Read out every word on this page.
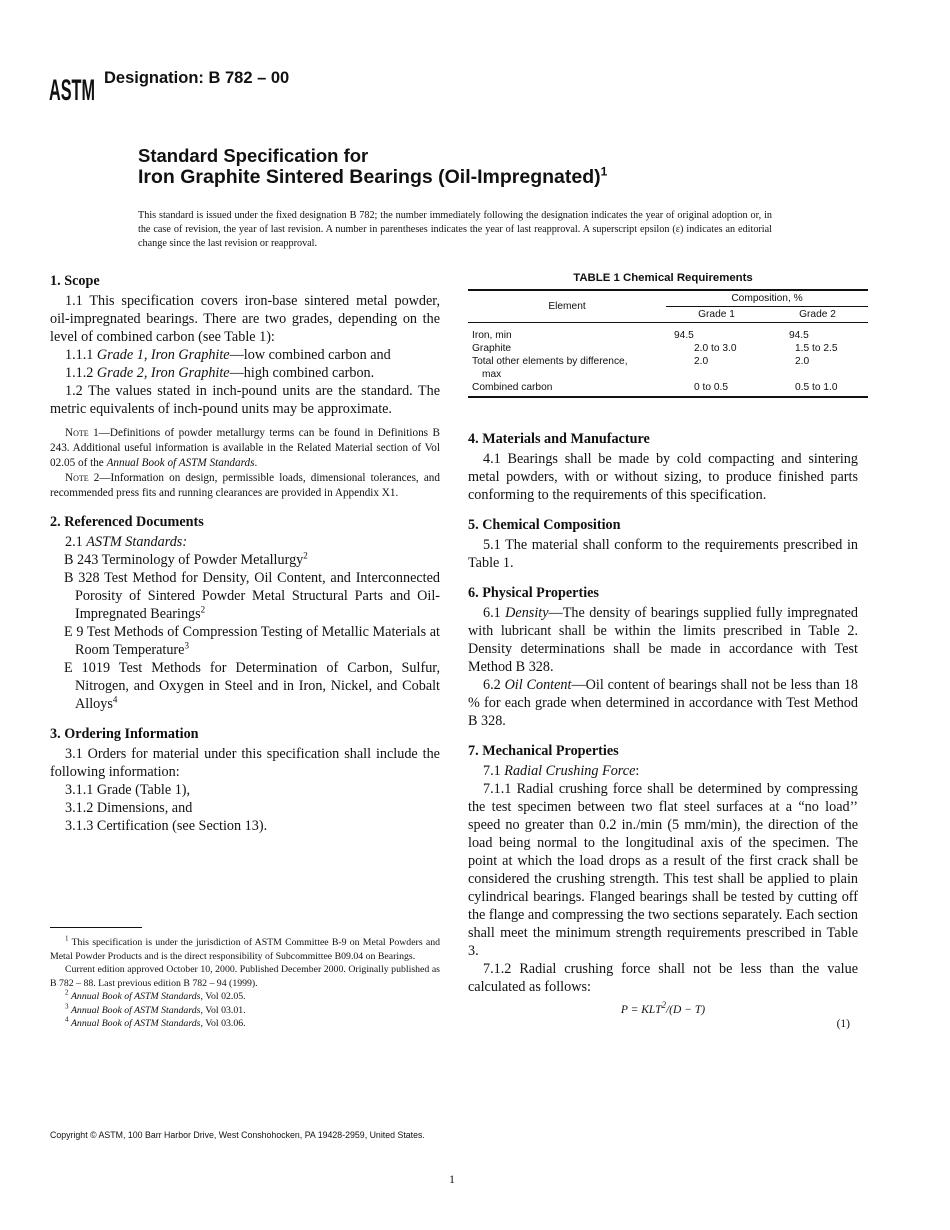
ASTM Designation: B 782 – 00
Standard Specification for
Iron Graphite Sintered Bearings (Oil-Impregnated)$^1$
This standard is issued under the fixed designation B 782; the number immediately following the designation indicates the year of original adoption or, in the case of revision, the year of last revision. A number in parentheses indicates the year of last reapproval. A superscript epsilon (ε) indicates an editorial change since the last revision or reapproval.
1. Scope

1.1 This specification covers iron-base sintered metal powder, oil-impregnated bearings. There are two grades, depending on the level of combined carbon (see Table 1):

1.1.1 Grade 1, Iron Graphite—low combined carbon and

1.1.2 Grade 2, Iron Graphite—high combined carbon.

1.2 The values stated in inch-pound units are the standard. The metric equivalents of inch-pound units may be approximate.

Note 1—Definitions of powder metallurgy terms can be found in Definitions B 243. Additional useful information is available in the Related Material section of Vol 02.05 of the Annual Book of ASTM Standards.

Note 2—Information on design, permissible loads, dimensional tolerances, and recommended press fits and running clearances are provided in Appendix X1.

2. Referenced Documents

2.1 ASTM Standards:

B 243 Terminology of Powder Metallurgy$^2$

B 328 Test Method for Density, Oil Content, and Interconnected Porosity of Sintered Powder Metal Structural Parts and Oil-Impregnated Bearings$^2$

E 9 Test Methods of Compression Testing of Metallic Materials at Room Temperature$^3$

E 1019 Test Methods for Determination of Carbon, Sulfur, Nitrogen, and Oxygen in Steel and in Iron, Nickel, and Cobalt Alloys$^4$

3. Ordering Information

3.1 Orders for material under this specification shall include the following information:

3.1.1 Grade (Table 1),

3.1.2 Dimensions, and

3.1.3 Certification (see Section 13).

$^1$ This specification is under the jurisdiction of ASTM Committee B-9 on Metal Powders and Metal Powder Products and is the direct responsibility of Subcommittee B09.04 on Bearings.

Current edition approved October 10, 2000. Published December 2000. Originally published as B 782 – 88. Last previous edition B 782 – 94 (1999).

$^2$ Annual Book of ASTM Standards, Vol 02.05.

$^3$ Annual Book of ASTM Standards, Vol 03.01.

$^4$ Annual Book of ASTM Standards, Vol 03.06.

TABLE 1 Chemical Requirements
Element	Composition, %	
	Grade 1	Grade 2
Iron, min	94.5	94.5
Graphite	2.0 to 3.0	1.5 to 2.5
Total other elements by difference,
max	2.0	2.0
Combined carbon	0 to 0.5	0.5 to 1.0
4. Materials and Manufacture

4.1 Bearings shall be made by cold compacting and sintering metal powders, with or without sizing, to produce finished parts conforming to the requirements of this specification.

5. Chemical Composition

5.1 The material shall conform to the requirements prescribed in Table 1.

6. Physical Properties

6.1 Density—The density of bearings supplied fully impregnated with lubricant shall be within the limits prescribed in Table 2. Density determinations shall be made in accordance with Test Method B 328.

6.2 Oil Content—Oil content of bearings shall not be less than 18 % for each grade when determined in accordance with Test Method B 328.

7. Mechanical Properties

7.1 Radial Crushing Force:

7.1.1 Radial crushing force shall be determined by compressing the test specimen between two flat steel surfaces at a “no load’’ speed no greater than 0.2 in./min (5 mm/min), the direction of the load being normal to the longitudinal axis of the specimen. The point at which the load drops as a result of the first crack shall be considered the crushing strength. This test shall be applied to plain cylindrical bearings. Flanged bearings shall be tested by cutting off the flange and compressing the two sections separately. Each section shall meet the minimum strength requirements prescribed in Table 3.

7.1.2 Radial crushing force shall not be less than the value calculated as follows:

$P = KLT^2/(D - T)$
(1)
Copyright © ASTM, 100 Barr Harbor Drive, West Conshohocken, PA 19428-2959, United States.
1
